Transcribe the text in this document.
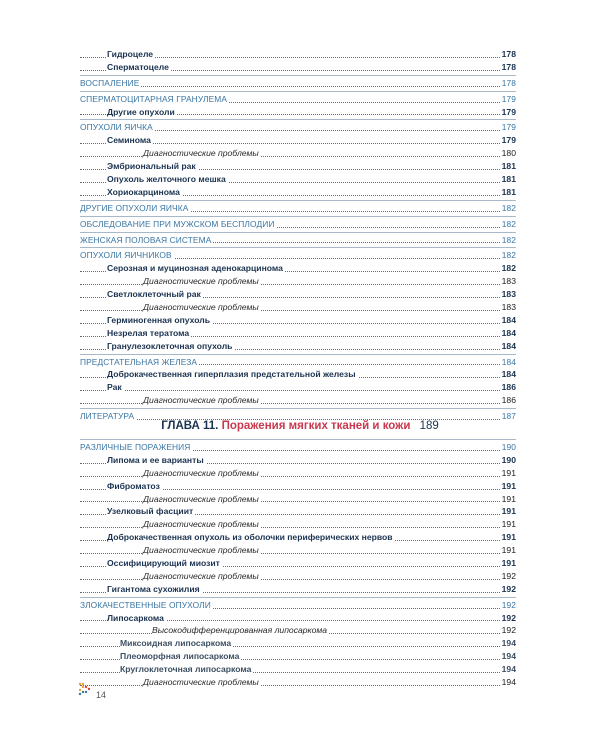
Гидроцеле	178
Сперматоцеле	178
ВОСПАЛЕНИЕ	178
СПЕРМАТОЦИТАРНАЯ ГРАНУЛЕМА	179
Другие опухоли	179
ОПУХОЛИ ЯИЧКА	179
Семинома	179
Диагностические проблемы	180
Эмбриональный рак	181
Опухоль желточного мешка	181
Хориокарцинома	181
ДРУГИЕ ОПУХОЛИ ЯИЧКА	182
ОБСЛЕДОВАНИЕ ПРИ МУЖСКОМ БЕСПЛОДИИ	182
ЖЕНСКАЯ ПОЛОВАЯ СИСТЕМА	182
ОПУХОЛИ ЯИЧНИКОВ	182
Серозная и муцинозная аденокарцинома	182
Диагностические проблемы	183
Светлоклеточный рак	183
Диагностические проблемы	183
Герминогенная опухоль	184
Незрелая тератома	184
Гранулезоклеточная опухоль	184
ПРЕДСТАТЕЛЬНАЯ ЖЕЛЕЗА	184
Доброкачественная гиперплазия предстательной железы	184
Рак	186
Диагностические проблемы	186
ЛИТЕРАТУРА	187
ГЛАВА 11. Поражения мягких тканей и кожи 189
РАЗЛИЧНЫЕ ПОРАЖЕНИЯ	190
Липома и ее варианты	190
Диагностические проблемы	191
Фиброматоз	191
Диагностические проблемы	191
Узелковый фасциит	191
Диагностические проблемы	191
Доброкачественная опухоль из оболочки периферических нервов	191
Диагностические проблемы	191
Оссифицирующий миозит	191
Диагностические проблемы	192
Гигантома сухожилия	192
ЗЛОКАЧЕСТВЕННЫЕ ОПУХОЛИ	192
Липосаркома	192
Высокодифференцированная липосаркома	192
Миксоидная липосаркома	194
Плеоморфная липосаркома	194
Круглоклеточная липосаркома	194
Диагностические проблемы	194
14
